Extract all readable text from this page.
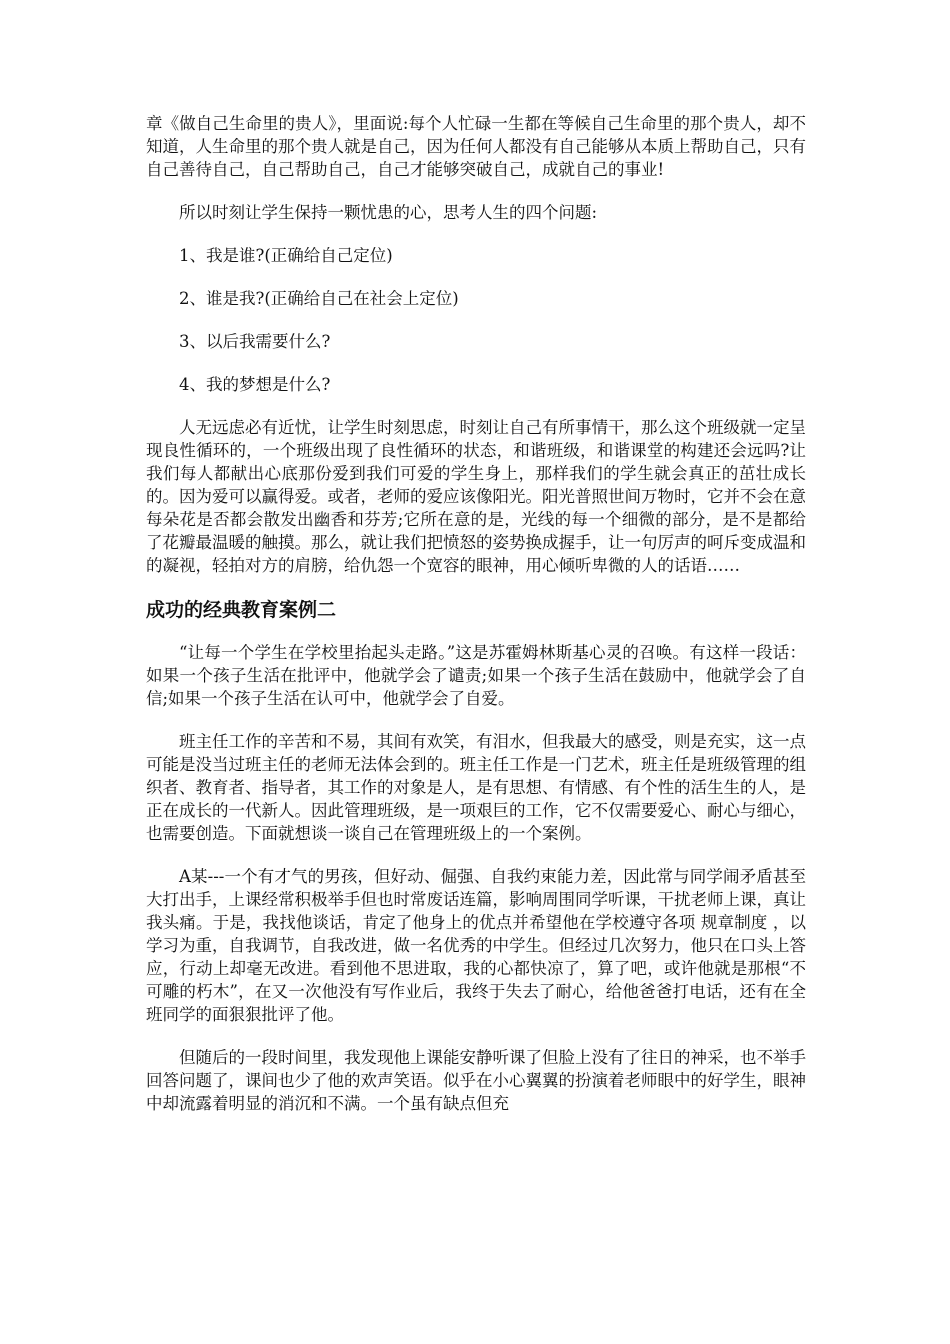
章《做自己生命里的贵人》，里面说:每个人忙碌一生都在等候自己生命里的那个贵人，却不知道，人生命里的那个贵人就是自己，因为任何人都没有自己能够从本质上帮助自己，只有自己善待自己，自己帮助自己，自己才能够突破自己，成就自己的事业!

所以时刻让学生保持一颗忧患的心，思考人生的四个问题:

1、我是谁?(正确给自己定位)

2、谁是我?(正确给自己在社会上定位)

3、以后我需要什么?

4、我的梦想是什么?

人无远虑必有近忧，让学生时刻思虑，时刻让自己有所事情干，那么这个班级就一定呈现良性循环的，一个班级出现了良性循环的状态，和谐班级，和谐课堂的构建还会远吗?让我们每人都献出心底那份爱到我们可爱的学生身上，那样我们的学生就会真正的茁壮成长的。因为爱可以赢得爱。或者，老师的爱应该像阳光。阳光普照世间万物时，它并不会在意每朵花是否都会散发出幽香和芬芳;它所在意的是，光线的每一个细微的部分，是不是都给了花瓣最温暖的触摸。那么，就让我们把愤怒的姿势换成握手，让一句厉声的呵斥变成温和的凝视，轻拍对方的肩膀，给仇怨一个宽容的眼神，用心倾听卑微的人的话语……

成功的经典教育案例二

“让每一个学生在学校里抬起头走路。”这是苏霍姆林斯基心灵的召唤。有这样一段话：如果一个孩子生活在批评中，他就学会了谴责;如果一个孩子生活在鼓励中，他就学会了自信;如果一个孩子生活在认可中，他就学会了自爱。

班主任工作的辛苦和不易，其间有欢笑，有泪水，但我最大的感受，则是充实，这一点可能是没当过班主任的老师无法体会到的。班主任工作是一门艺术，班主任是班级管理的组织者、教育者、指导者，其工作的对象是人，是有思想、有情感、有个性的活生生的人，是正在成长的一代新人。因此管理班级，是一项艰巨的工作，它不仅需要爱心、耐心与细心，也需要创造。下面就想谈一谈自己在管理班级上的一个案例。

A某---一个有才气的男孩，但好动、倔强、自我约束能力差，因此常与同学闹矛盾甚至大打出手，上课经常积极举手但也时常废话连篇，影响周围同学听课，干扰老师上课，真让我头痛。于是，我找他谈话，肯定了他身上的优点并希望他在学校遵守各项 规章制度 ，以学习为重，自我调节，自我改进，做一名优秀的中学生。但经过几次努力，他只在口头上答应，行动上却毫无改进。看到他不思进取，我的心都快凉了，算了吧，或许他就是那根“不可雕的朽木”，在又一次他没有写作业后，我终于失去了耐心，给他爸爸打电话，还有在全班同学的面狠狠批评了他。

但随后的一段时间里，我发现他上课能安静听课了但脸上没有了往日的神采，也不举手回答问题了，课间也少了他的欢声笑语。似乎在小心翼翼的扮演着老师眼中的好学生，眼神中却流露着明显的消沉和不满。一个虽有缺点但充
